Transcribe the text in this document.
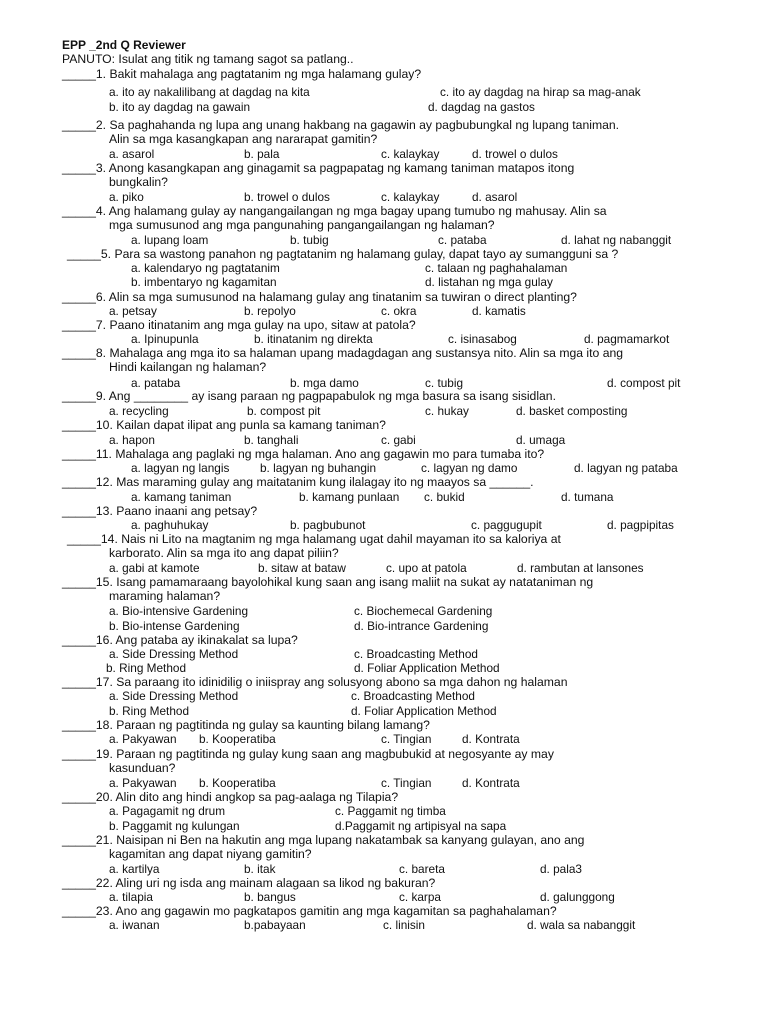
EPP _2nd Q Reviewer
PANUTO: Isulat ang titik ng tamang sagot sa patlang..
_____1. Bakit mahalaga ang pagtatanim ng mga halamang gulay?
a. ito ay nakalilibang at dagdag na kita	c. ito ay dagdag na hirap sa mag-anak
b. ito ay dagdag na gawain	d. dagdag na gastos
_____2. Sa paghahanda ng lupa ang unang hakbang na gagawin ay pagbubungkal ng lupang taniman.
Alin sa mga kasangkapan ang nararapat gamitin?
a. asarol	b. pala	c. kalaykay	d. trowel o dulos
_____3. Anong kasangkapan ang ginagamit sa pagpapatag ng kamang taniman matapos itong
bungkalin?
a. piko	b. trowel o dulos	c. kalaykay	d. asarol
_____4. Ang halamang gulay ay nangangailangan ng mga bagay upang tumubo ng mahusay. Alin sa
mga sumusunod ang mga pangunahing pangangailangan ng halaman?
a. lupang loam	b. tubig	c. pataba	d. lahat ng nabanggit
_____5. Para sa wastong panahon ng pagtatanim ng halamang gulay, dapat tayo ay sumangguni sa ?
a. kalendaryo ng pagtatanim	c. talaan ng paghahalaman
b. imbentaryo ng kagamitan	d. listahan ng mga gulay
_____6. Alin sa mga sumusunod na halamang gulay ang tinatanim sa tuwiran o direct planting?
a. petsay	b. repolyo	c. okra	d. kamatis
_____7. Paano itinatanim ang mga gulay na upo, sitaw at patola?
a. Ipinupunla	b. itinatanim ng direkta	c. isinasabog	d. pagmamarkot
_____8. Mahalaga ang mga ito sa halaman upang madagdagan ang sustansya nito. Alin sa mga ito ang
Hindi kailangan ng halaman?
a. pataba	b. mga damo	c. tubig	d. compost pit
_____9. Ang ________ ay isang paraan ng pagpapabulok ng mga basura sa isang sisidlan.
a. recycling	b. compost pit	c. hukay	d. basket composting
_____10. Kailan dapat ilipat ang punla sa kamang taniman?
a. hapon	b. tanghali	c. gabi	d. umaga
_____11. Mahalaga ang paglaki ng mga halaman. Ano ang gagawin mo para tumaba ito?
a. lagyan ng langis	b. lagyan ng buhangin	c. lagyan ng damo	d. lagyan ng pataba
_____12. Mas maraming gulay ang maitatanim kung ilalagay ito ng maayos sa ______.
a. kamang taniman	b. kamang punlaan c. bukid	d. tumana
_____13. Paano inaani ang petsay?
a. paghuhukay	b. pagbubunot	c. paggugupit	d. pagpipitas
_____14. Nais ni Lito na magtanim ng mga halamang ugat dahil mayaman ito sa kaloriya at
karborato. Alin sa mga ito ang dapat piliin?
a. gabi at kamote	b. sitaw at bataw	c. upo at patola	d. rambutan at lansones
_____15. Isang pamamaraang bayolohikal kung saan ang isang maliit na sukat ay natataniman ng
maraming halaman?
a. Bio-intensive Gardening	c. Biochemecal Gardening
b. Bio-intense Gardening	d. Bio-intrance Gardening
_____16. Ang pataba ay ikinakalat sa lupa?
a. Side Dressing Method	c. Broadcasting Method
b. Ring Method	d. Foliar Application Method
_____17. Sa paraang ito idinidilig o iniispray ang solusyong abono sa mga dahon ng halaman
a. Side Dressing Method	c. Broadcasting Method
b. Ring Method	d. Foliar Application Method
_____18. Paraan ng pagtitinda ng gulay sa kaunting bilang lamang?
a. Pakyawan b. Kooperatiba	c. Tingian	d. Kontrata
_____19. Paraan ng pagtitinda ng gulay kung saan ang magbubukid at negosyante ay may
kasunduan?
a. Pakyawan b. Kooperatiba	c. Tingian	d. Kontrata
_____20. Alin dito ang hindi angkop sa pag-aalaga ng Tilapia?
a. Pagagamit ng drum	c. Paggamit ng timba
b. Paggamit ng kulungan	d.Paggamit ng artipisyal na sapa
_____21. Naisipan ni Ben na hakutin ang mga lupang nakatambak sa kanyang gulayan, ano ang
kagamitan ang dapat niyang gamitin?
a. kartilya	b. itak	c. bareta	d. pala3
_____22. Aling uri ng isda ang mainam alagaan sa likod ng bakuran?
a. tilapia	b. bangus	c. karpa	d. galunggong
_____23. Ano ang gagawin mo pagkatapos gamitin ang mga kagamitan sa paghahalaman?
a. iwanan	b.pabayaan	c. linisin	d. wala sa nabanggit
